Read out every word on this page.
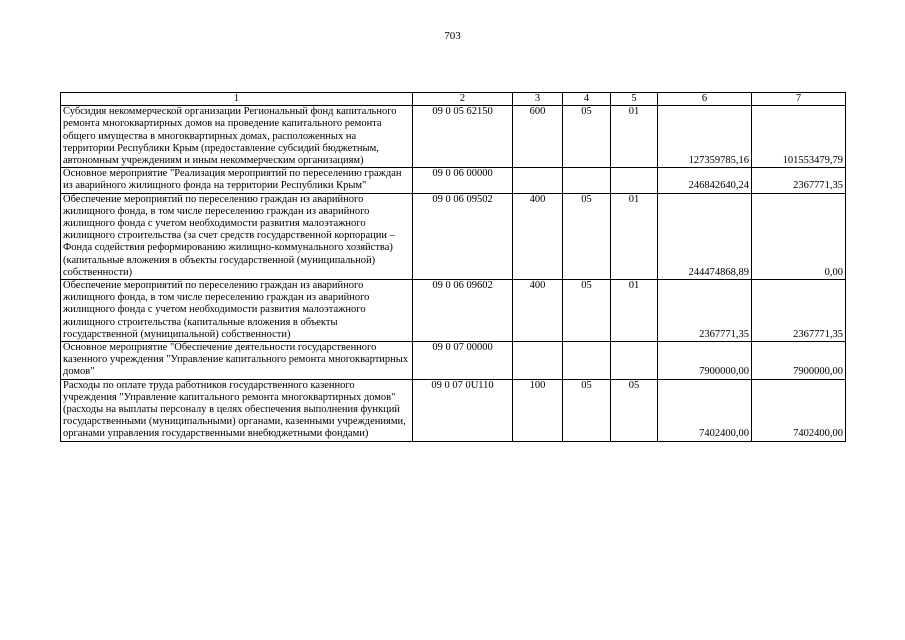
703
1	2	3	4	5	6	7
Субсидия некоммерческой организации Региональный фонд капитального ремонта многоквартирных домов на проведение капитального ремонта общего имущества в многоквартирных домах, расположенных на территории Республики Крым (предоставление субсидий бюджетным, автономным учреждениям и иным некоммерческим организациям)	09 0 05 62150	600	05	01	127359785,16	101553479,79
Основное мероприятие "Реализация мероприятий по переселению граждан из аварийного жилищного фонда на территории Республики Крым"	09 0 06 00000				246842640,24	2367771,35
Обеспечение мероприятий по переселению граждан из аварийного жилищного фонда, в том числе переселению граждан из аварийного жилищного фонда с учетом необходимости развития малоэтажного жилищного строительства (за счет средств государственной корпорации – Фонда содействия реформированию жилищно-коммунального хозяйства) (капитальные вложения в объекты государственной (муниципальной) собственности)	09 0 06 09502	400	05	01	244474868,89	0,00
Обеспечение мероприятий по переселению граждан из аварийного жилищного фонда, в том числе переселению граждан из аварийного жилищного фонда с учетом необходимости развития малоэтажного жилищного строительства (капитальные вложения в объекты государственной (муниципальной) собственности)	09 0 06 09602	400	05	01	2367771,35	2367771,35
Основное мероприятие "Обеспечение деятельности государственного казенного учреждения "Управление капитального ремонта многоквартирных домов"	09 0 07 00000				7900000,00	7900000,00
Расходы по оплате труда работников государственного казенного учреждения "Управление капитального ремонта многоквартирных домов" (расходы на выплаты персоналу в целях обеспечения выполнения функций государственными (муниципальными) органами, казенными учреждениями, органами управления государственными внебюджетными фондами)	09 0 07 0U110	100	05	05	7402400,00	7402400,00
